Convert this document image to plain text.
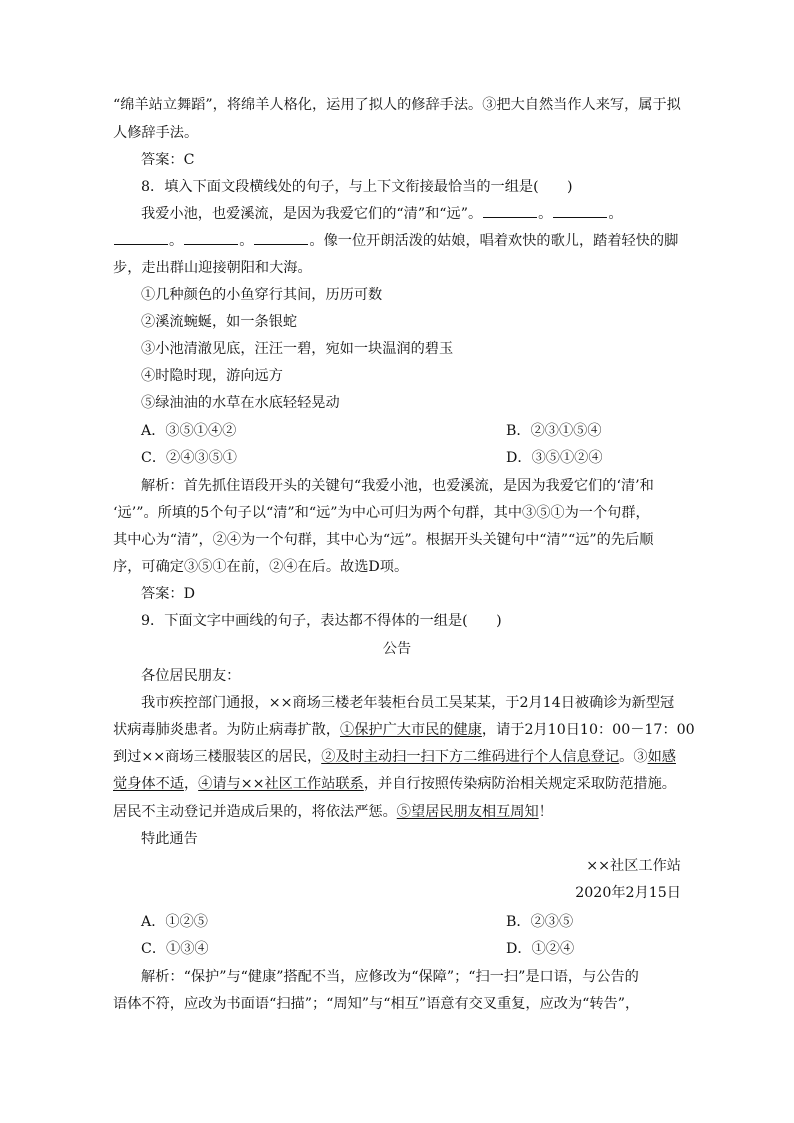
“绵羊站立舞蹈”，将绵羊人格化，运用了拟人的修辞手法。③把大自然当作人来写，属于拟
人修辞手法。
答案：C
8．填入下面文段横线处的句子，与上下文衔接最恰当的一组是(　　)
我爱小池，也爱溪流，是因为我爱它们的“清”和“远”。	。	。
。	。	。像一位开朗活泼的姑娘，唱着欢快的歌儿，踏着轻快的脚
步，走出群山迎接朝阳和大海。
①几种颜色的小鱼穿行其间，历历可数
②溪流蜿蜒，如一条银蛇
③小池清澈见底，汪汪一碧，宛如一块温润的碧玉
④时隐时现，游向远方
⑤绿油油的水草在水底轻轻晃动
A．③⑤①④②	B．②③①⑤④
C．②④③⑤①	D．③⑤①②④
解析：首先抓住语段开头的关键句“我爱小池，也爱溪流，是因为我爱它们的‘清’和
‘远’”。所填的5个句子以“清”和“远”为中心可归为两个句群，其中③⑤①为一个句群，
其中心为“清”，②④为一个句群，其中心为“远”。根据开头关键句中“清”“远”的先后顺
序，可确定③⑤①在前，②④在后。故选D项。
答案：D
9．下面文字中画线的句子，表达都不得体的一组是(　　)
公告
各位居民朋友：
我市疾控部门通报，××商场三楼老年装柜台员工吴某某，于2月14日被确诊为新型冠
状病毒肺炎患者。为防止病毒扩散，①保护广大市民的健康，请于2月10日10：00－17：00
到过××商场三楼服装区的居民，②及时主动扫一扫下方二维码进行个人信息登记。③如感
觉身体不适，④请与××社区工作站联系，并自行按照传染病防治相关规定采取防范措施。
居民不主动登记并造成后果的，将依法严惩。⑤望居民朋友相互周知！
特此通告
××社区工作站
2020年2月15日
A．①②⑤	B．②③⑤
C．①③④	D．①②④
解析：“保护”与“健康”搭配不当，应修改为“保障”；“扫一扫”是口语，与公告的
语体不符，应改为书面语“扫描”；“周知”与“相互”语意有交叉重复，应改为“转告”，
